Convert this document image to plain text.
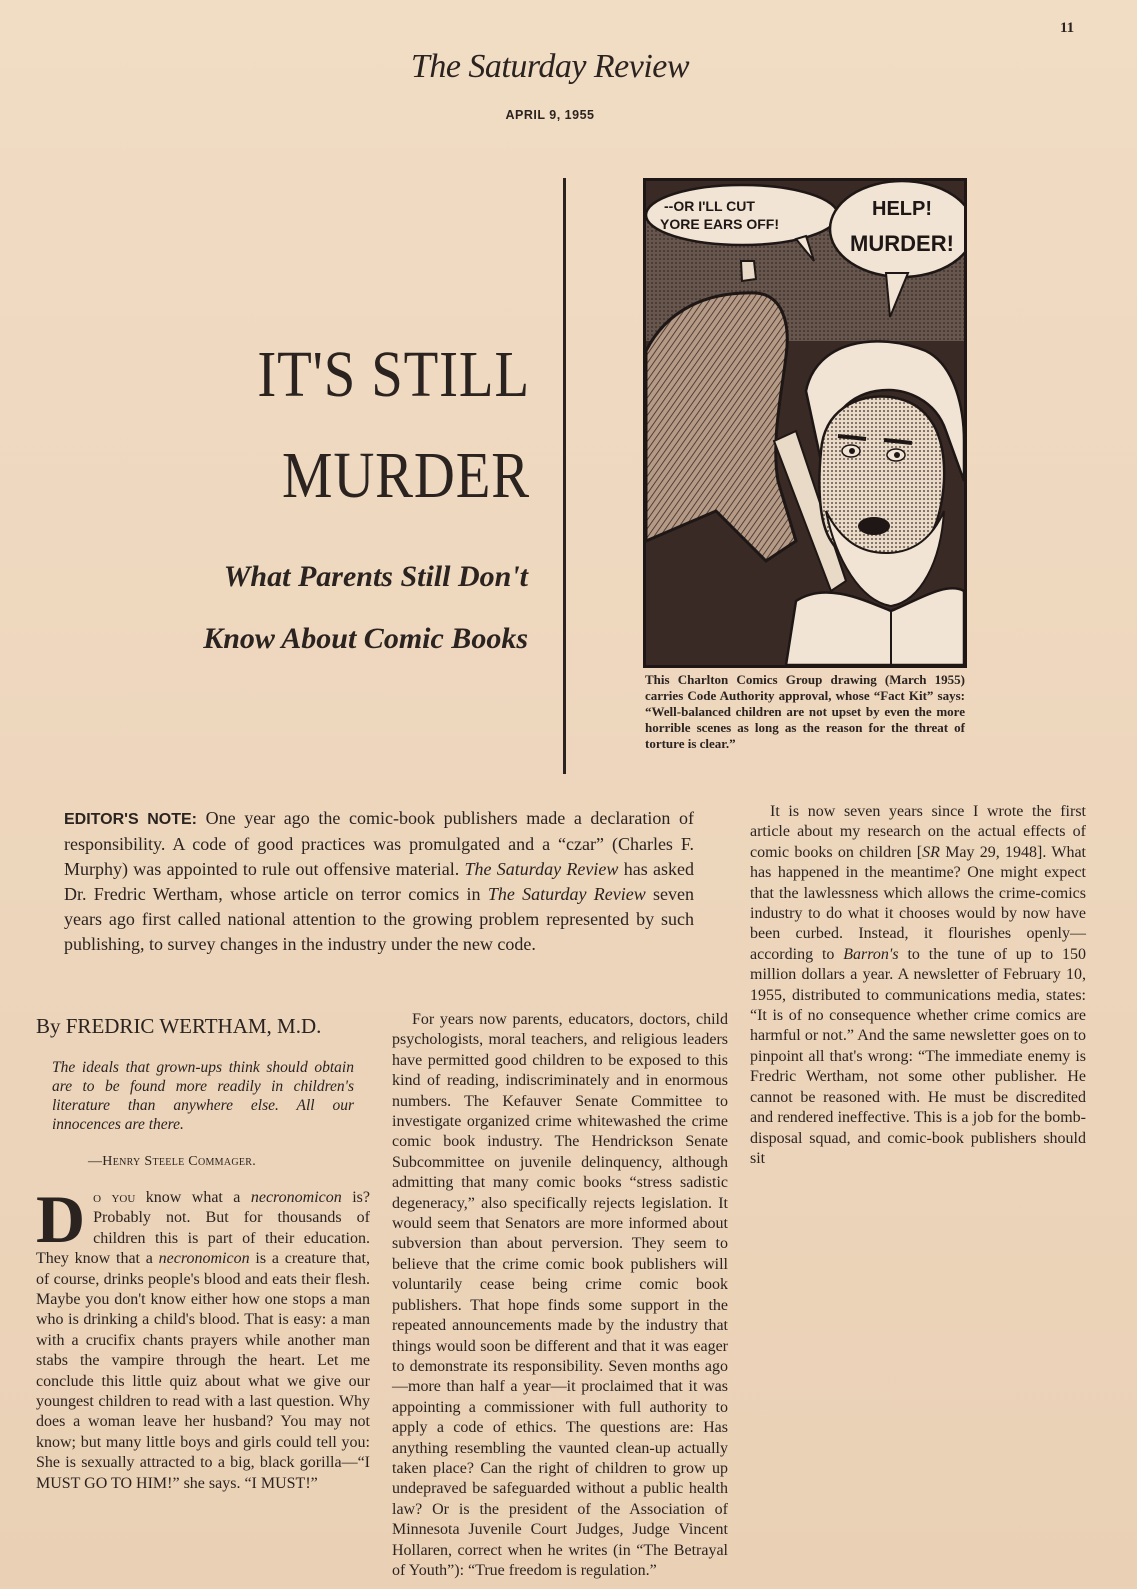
11
The Saturday Review
APRIL 9, 1955
IT'S STILL
MURDER
What Parents Still Don't
Know About Comic Books
--OR I'LL CUT YORE EARS OFF!
HELP!
MURDER!
This Charlton Comics Group drawing (March 1955) carries Code Authority approval, whose “Fact Kit” says: “Well-balanced children are not upset by even the more horrible scenes as long as the reason for the threat of torture is clear.”
EDITOR'S NOTE: One year ago the comic-book publishers made a declaration of responsibility. A code of good practices was promulgated and a “czar” (Charles F. Murphy) was appointed to rule out offensive material. The Saturday Review has asked Dr. Fredric Wertham, whose article on terror comics in The Saturday Review seven years ago first called national attention to the growing problem represented by such publishing, to survey changes in the industry under the new code.
By FREDRIC WERTHAM, M.D.
The ideals that grown-ups think should obtain are to be found more readily in children's literature than anywhere else. All our innocences are there.
—Henry Steele Commager.

Do you know what a necronomicon is? Probably not. But for thousands of children this is part of their education. They know that a necronomicon is a creature that, of course, drinks people's blood and eats their flesh. Maybe you don't know either how one stops a man who is drinking a child's blood. That is easy: a man with a crucifix chants prayers while another man stabs the vampire through the heart. Let me conclude this little quiz about what we give our youngest children to read with a last question. Why does a woman leave her husband? You may not know; but many little boys and girls could tell you: She is sexually attracted to a big, black gorilla—“I MUST GO TO HIM!” she says. “I MUST!”

For years now parents, educators, doctors, child psychologists, moral teachers, and religious leaders have permitted good children to be exposed to this kind of reading, indiscriminately and in enormous numbers. The Kefauver Senate Committee to investigate organized crime whitewashed the crime comic book industry. The Hendrickson Senate Subcommittee on juvenile delinquency, although admitting that many comic books “stress sadistic degeneracy,” also specifically rejects legislation. It would seem that Senators are more informed about subversion than about perversion. They seem to believe that the crime comic book publishers will voluntarily cease being crime comic book publishers. That hope finds some support in the repeated announcements made by the industry that things would soon be different and that it was eager to demonstrate its responsibility. Seven months ago—more than half a year—it proclaimed that it was appointing a commissioner with full authority to apply a code of ethics. The questions are: Has anything resembling the vaunted clean-up actually taken place? Can the right of children to grow up undepraved be safeguarded without a public health law? Or is the president of the Association of Minnesota Juvenile Court Judges, Judge Vincent Hollaren, correct when he writes (in “The Betrayal of Youth”): “True freedom is regulation.”

It is now seven years since I wrote the first article about my research on the actual effects of comic books on children [SR May 29, 1948]. What has happened in the meantime? One might expect that the lawlessness which allows the crime-comics industry to do what it chooses would by now have been curbed. Instead, it flourishes openly—according to Barron's to the tune of up to 150 million dollars a year. A newsletter of February 10, 1955, distributed to communications media, states: “It is of no consequence whether crime comics are harmful or not.” And the same newsletter goes on to pinpoint all that's wrong: “The immediate enemy is Fredric Wertham, not some other publisher. He cannot be reasoned with. He must be discredited and rendered ineffective. This is a job for the bomb-disposal squad, and comic-book publishers should sit
